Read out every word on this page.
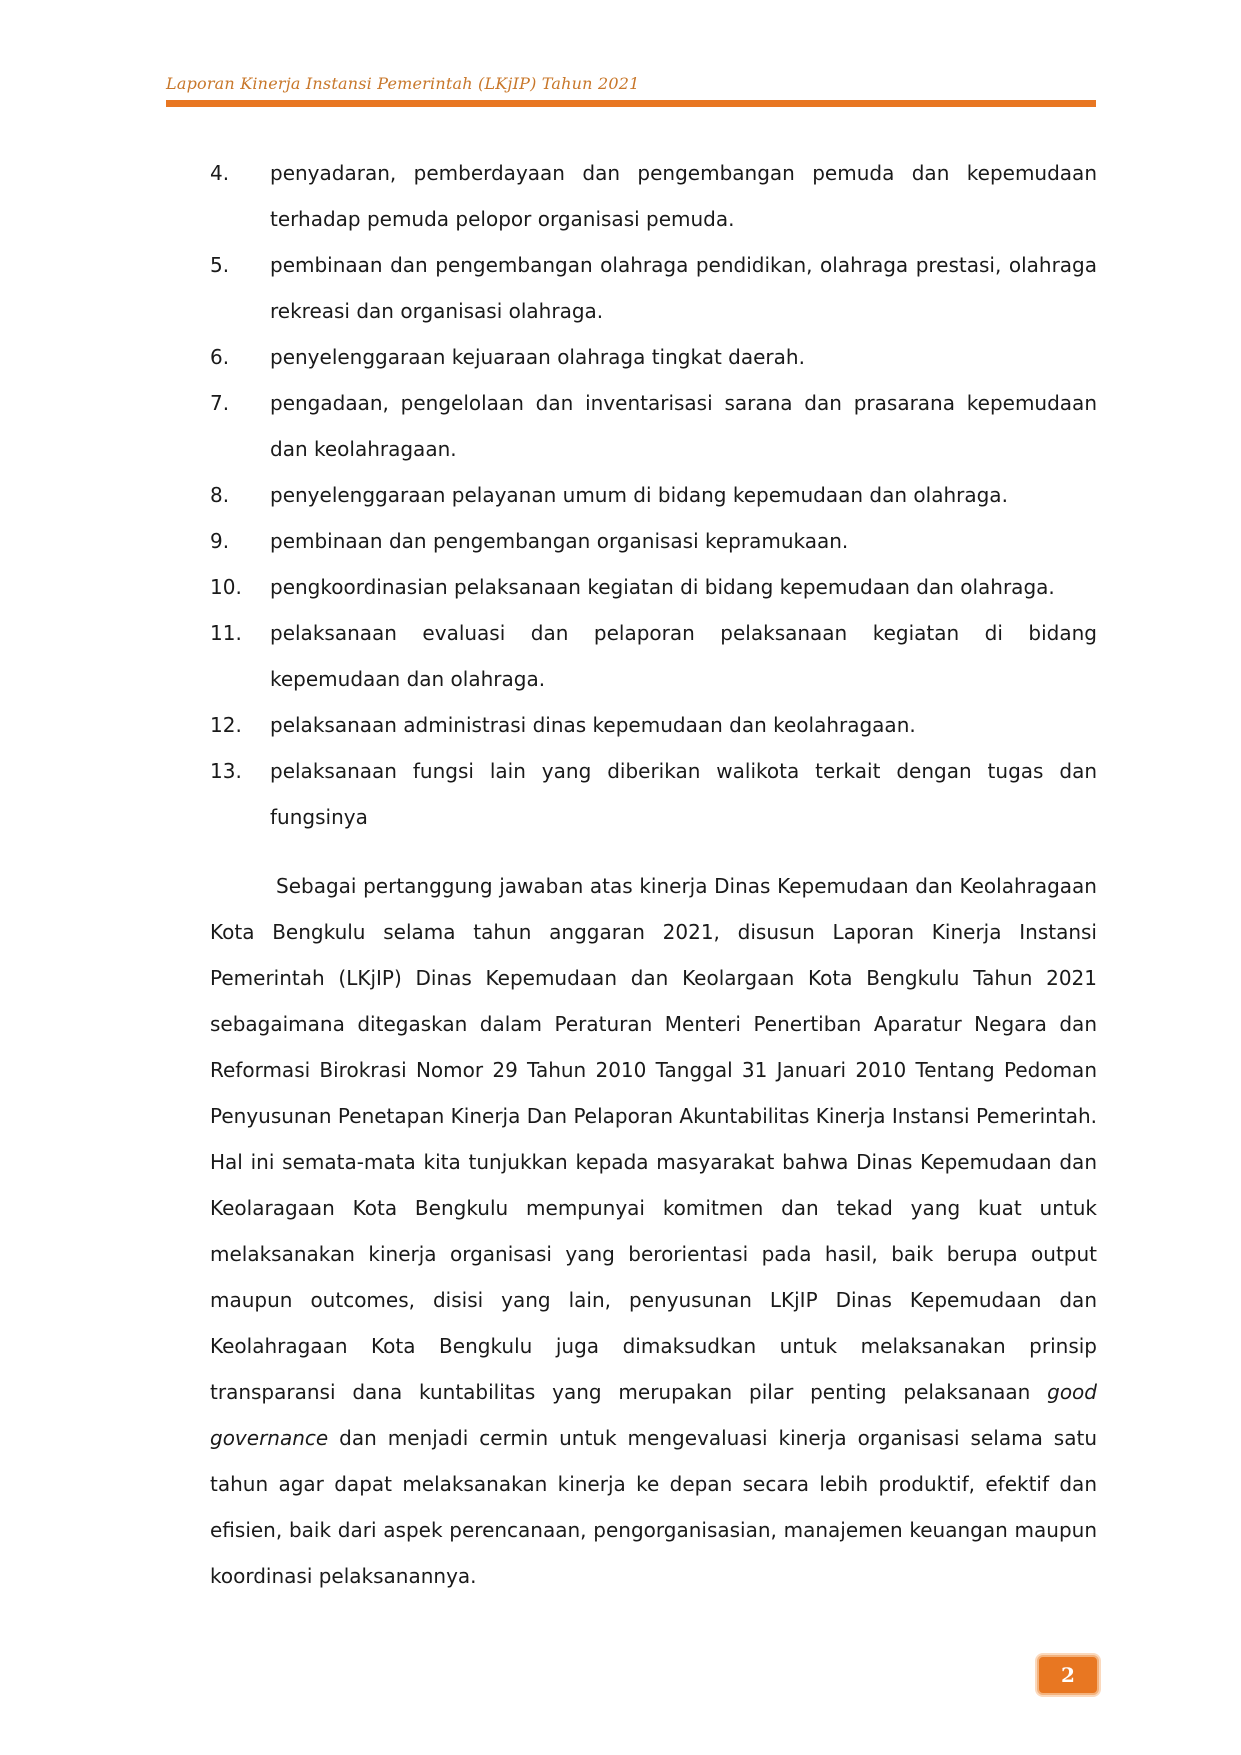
Laporan Kinerja Instansi Pemerintah (LKjIP) Tahun 2021
4. penyadaran, pemberdayaan dan pengembangan pemuda dan kepemudaan terhadap pemuda pelopor organisasi pemuda.
5. pembinaan dan pengembangan olahraga pendidikan, olahraga prestasi, olahraga rekreasi dan organisasi olahraga.
6. penyelenggaraan kejuaraan olahraga tingkat daerah.
7. pengadaan, pengelolaan dan inventarisasi sarana dan prasarana kepemudaan dan keolahragaan.
8. penyelenggaraan pelayanan umum di bidang kepemudaan dan olahraga.
9. pembinaan dan pengembangan organisasi kepramukaan.
10. pengkoordinasian pelaksanaan kegiatan di bidang kepemudaan dan olahraga.
11. pelaksanaan evaluasi dan pelaporan pelaksanaan kegiatan di bidang kepemudaan dan olahraga.
12. pelaksanaan administrasi dinas kepemudaan dan keolahragaan.
13. pelaksanaan fungsi lain yang diberikan walikota terkait dengan tugas dan fungsinya

Sebagai pertanggung jawaban atas kinerja Dinas Kepemudaan dan Keolahragaan Kota Bengkulu selama tahun anggaran 2021, disusun Laporan Kinerja Instansi Pemerintah (LKjIP) Dinas Kepemudaan dan Keolargaan Kota Bengkulu Tahun 2021 sebagaimana ditegaskan dalam Peraturan Menteri Penertiban Aparatur Negara dan Reformasi Birokrasi Nomor 29 Tahun 2010 Tanggal 31 Januari 2010 Tentang Pedoman Penyusunan Penetapan Kinerja Dan Pelaporan Akuntabilitas Kinerja Instansi Pemerintah. Hal ini semata-mata kita tunjukkan kepada masyarakat bahwa Dinas Kepemudaan dan Keolaragaan Kota Bengkulu mempunyai komitmen dan tekad yang kuat untuk melaksanakan kinerja organisasi yang berorientasi pada hasil, baik berupa output maupun outcomes, disisi yang lain, penyusunan LKjIP Dinas Kepemudaan dan Keolahragaan Kota Bengkulu juga dimaksudkan untuk melaksanakan prinsip transparansi dana kuntabilitas yang merupakan pilar penting pelaksanaan good governance dan menjadi cermin untuk mengevaluasi kinerja organisasi selama satu tahun agar dapat melaksanakan kinerja ke depan secara lebih produktif, efektif dan efisien, baik dari aspek perencanaan, pengorganisasian, manajemen keuangan maupun koordinasi pelaksanannya.

2
